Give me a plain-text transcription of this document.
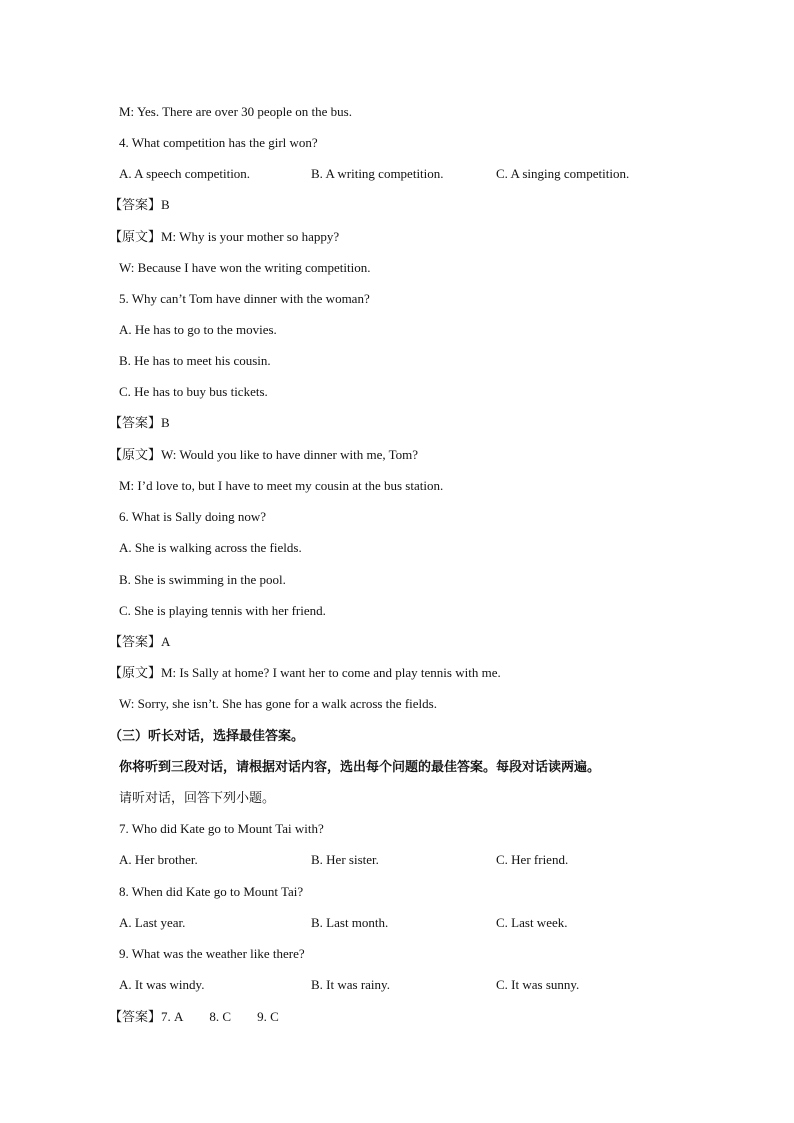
M: Yes. There are over 30 people on the bus.
4. What competition has the girl won?
A. A speech competition.	B. A writing competition.	C. A singing competition.
【答案】B
【原文】M: Why is your mother so happy?
W: Because I have won the writing competition.
5. Why can’t Tom have dinner with the woman?
A. He has to go to the movies.
B. He has to meet his cousin.
C. He has to buy bus tickets.
【答案】B
【原文】W: Would you like to have dinner with me, Tom?
M: I’d love to, but I have to meet my cousin at the bus station.
6. What is Sally doing now?
A. She is walking across the fields.
B. She is swimming in the pool.
C. She is playing tennis with her friend.
【答案】A
【原文】M: Is Sally at home? I want her to come and play tennis with me.
W: Sorry, she isn’t. She has gone for a walk across the fields.
（三）听长对话，选择最佳答案。
你将听到三段对话，请根据对话内容，选出每个问题的最佳答案。每段对话读两遍。
请听对话，回答下列小题。
7. Who did Kate go to Mount Tai with?
A. Her brother.	B. Her sister.	C. Her friend.
8. When did Kate go to Mount Tai?
A. Last year.	B. Last month.	C. Last week.
9. What was the weather like there?
A. It was windy.	B. It was rainy.	C. It was sunny.
【答案】7. A 8. C 9. C
